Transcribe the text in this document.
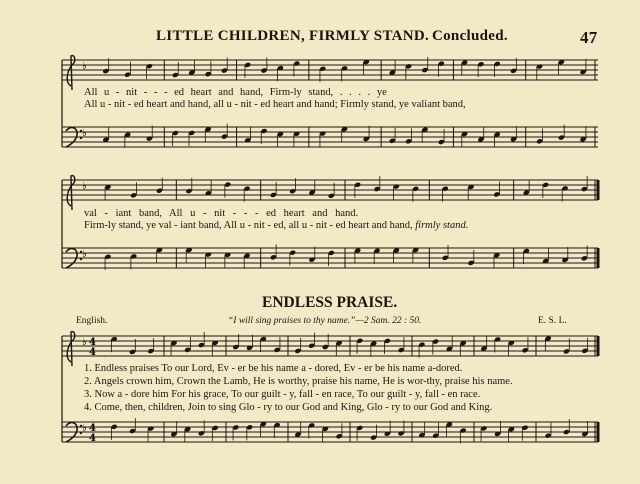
♭
♭
♭
♭
♭
♭
4
4
4
4
LITTLE CHILDREN, FIRMLY STAND. Concluded.	47
All u - nit - - - ed heart and hand, Firm-ly stand, . . . . ye
All u - nit - ed heart and hand, all u - nit - ed heart and hand; Firmly stand, ye valiant band,
val - iant band, All u - nit - - - ed heart and hand.
Firm-ly stand, ye val - iant band, All u - nit - ed, all u - nit - ed heart and hand, firmly stand.
ENDLESS PRAISE.
English.	“I will sing praises to thy name.”—2 Sam. 22 : 50.	E. S. L.
1. Endless praises To our Lord, Ev - er be his name a - dored, Ev - er be his name a-dored.
2. Angels crown him, Crown the Lamb, He is worthy, praise his name, He is wor-thy, praise his name.
3. Now a - dore him For his grace, To our guilt - y, fall - en race, To our guilt - y, fall - en race.
4. Come, then, children, Join to sing Glo - ry to our God and King, Glo - ry to our God and King.
